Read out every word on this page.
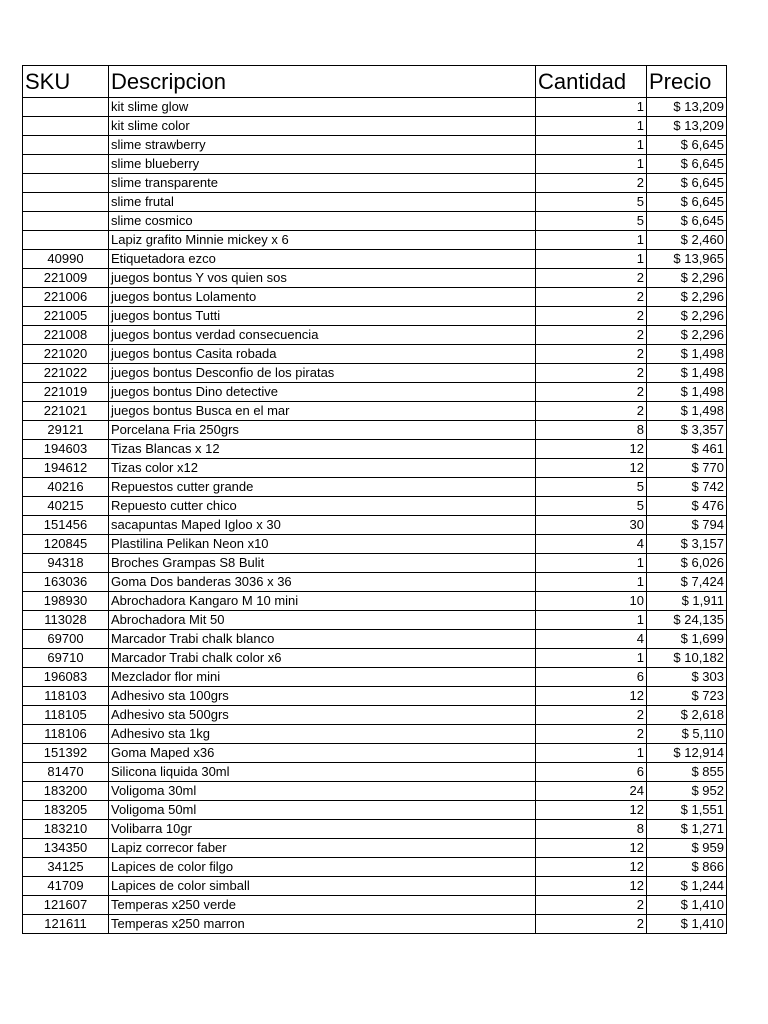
SKU	Descripcion	Cantidad	Precio
	kit slime glow	1	$ 13,209
	kit slime color	1	$ 13,209
	slime strawberry	1	$ 6,645
	slime blueberry	1	$ 6,645
	slime transparente	2	$ 6,645
	slime frutal	5	$ 6,645
	slime cosmico	5	$ 6,645
	Lapiz grafito Minnie mickey x 6	1	$ 2,460
40990	Etiquetadora ezco	1	$ 13,965
221009	juegos bontus Y vos quien sos	2	$ 2,296
221006	juegos bontus Lolamento	2	$ 2,296
221005	juegos bontus Tutti	2	$ 2,296
221008	juegos bontus verdad consecuencia	2	$ 2,296
221020	juegos bontus Casita robada	2	$ 1,498
221022	juegos bontus Desconfio de los piratas	2	$ 1,498
221019	juegos bontus Dino detective	2	$ 1,498
221021	juegos bontus Busca en el mar	2	$ 1,498
29121	Porcelana Fria 250grs	8	$ 3,357
194603	Tizas Blancas x 12	12	$ 461
194612	Tizas color x12	12	$ 770
40216	Repuestos cutter grande	5	$ 742
40215	Repuesto cutter chico	5	$ 476
151456	sacapuntas Maped Igloo x 30	30	$ 794
120845	Plastilina Pelikan Neon x10	4	$ 3,157
94318	Broches Grampas S8 Bulit	1	$ 6,026
163036	Goma Dos banderas 3036 x 36	1	$ 7,424
198930	Abrochadora Kangaro M 10 mini	10	$ 1,911
113028	Abrochadora Mit 50	1	$ 24,135
69700	Marcador Trabi chalk blanco	4	$ 1,699
69710	Marcador Trabi chalk color x6	1	$ 10,182
196083	Mezclador flor mini	6	$ 303
118103	Adhesivo sta 100grs	12	$ 723
118105	Adhesivo sta 500grs	2	$ 2,618
118106	Adhesivo sta 1kg	2	$ 5,110
151392	Goma Maped x36	1	$ 12,914
81470	Silicona liquida 30ml	6	$ 855
183200	Voligoma 30ml	24	$ 952
183205	Voligoma 50ml	12	$ 1,551
183210	Volibarra 10gr	8	$ 1,271
134350	Lapiz correcor faber	12	$ 959
34125	Lapices de color filgo	12	$ 866
41709	Lapices de color simball	12	$ 1,244
121607	Temperas x250 verde	2	$ 1,410
121611	Temperas x250 marron	2	$ 1,410
